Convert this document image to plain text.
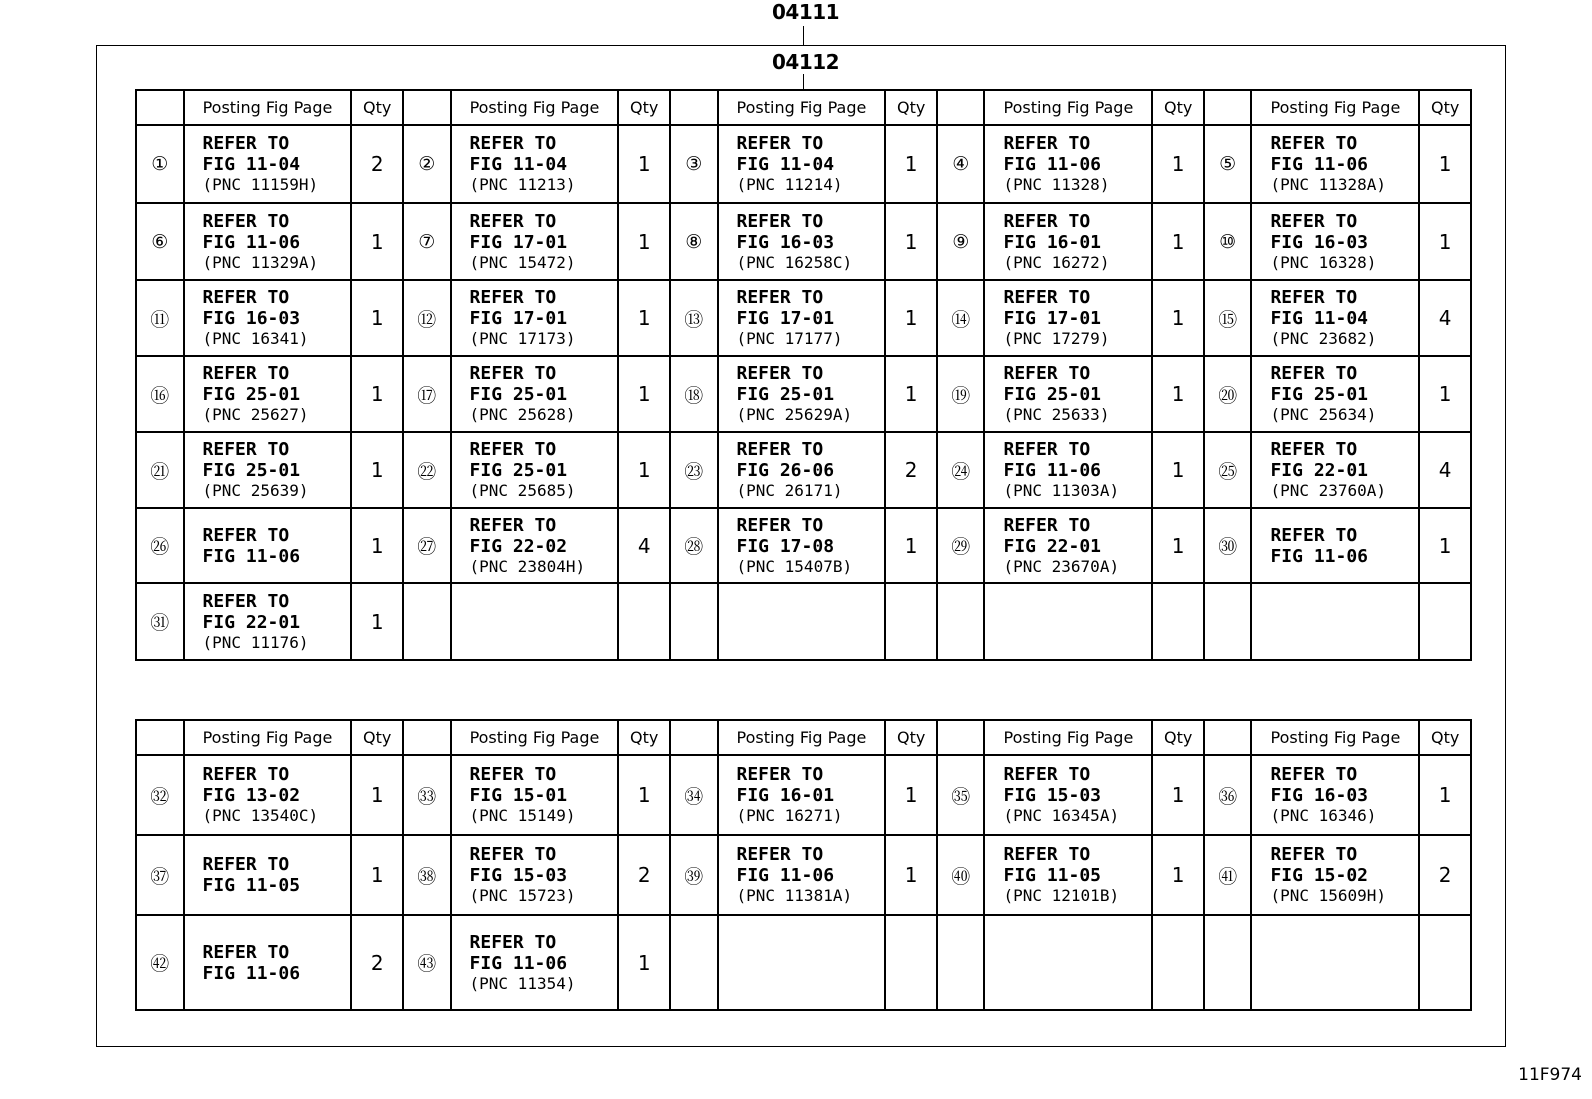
04111
04112
	Posting Fig Page	Qty		Posting Fig Page	Qty		Posting Fig Page	Qty		Posting Fig Page	Qty		Posting Fig Page	Qty
①	REFER TO
FIG 11-04
(PNC 11159H)	2	②	REFER TO
FIG 11-04
(PNC 11213)	1	③	REFER TO
FIG 11-04
(PNC 11214)	1	④	REFER TO
FIG 11-06
(PNC 11328)	1	⑤	REFER TO
FIG 11-06
(PNC 11328A)	1
⑥	REFER TO
FIG 11-06
(PNC 11329A)	1	⑦	REFER TO
FIG 17-01
(PNC 15472)	1	⑧	REFER TO
FIG 16-03
(PNC 16258C)	1	⑨	REFER TO
FIG 16-01
(PNC 16272)	1	⑩	REFER TO
FIG 16-03
(PNC 16328)	1
⑪	REFER TO
FIG 16-03
(PNC 16341)	1	⑫	REFER TO
FIG 17-01
(PNC 17173)	1	⑬	REFER TO
FIG 17-01
(PNC 17177)	1	⑭	REFER TO
FIG 17-01
(PNC 17279)	1	⑮	REFER TO
FIG 11-04
(PNC 23682)	4
⑯	REFER TO
FIG 25-01
(PNC 25627)	1	⑰	REFER TO
FIG 25-01
(PNC 25628)	1	⑱	REFER TO
FIG 25-01
(PNC 25629A)	1	⑲	REFER TO
FIG 25-01
(PNC 25633)	1	⑳	REFER TO
FIG 25-01
(PNC 25634)	1
㉑	REFER TO
FIG 25-01
(PNC 25639)	1	㉒	REFER TO
FIG 25-01
(PNC 25685)	1	㉓	REFER TO
FIG 26-06
(PNC 26171)	2	㉔	REFER TO
FIG 11-06
(PNC 11303A)	1	㉕	REFER TO
FIG 22-01
(PNC 23760A)	4
㉖	REFER TO
FIG 11-06	1	㉗	REFER TO
FIG 22-02
(PNC 23804H)	4	㉘	REFER TO
FIG 17-08
(PNC 15407B)	1	㉙	REFER TO
FIG 22-01
(PNC 23670A)	1	㉚	REFER TO
FIG 11-06	1
㉛	REFER TO
FIG 22-01
(PNC 11176)	1												
	Posting Fig Page	Qty		Posting Fig Page	Qty		Posting Fig Page	Qty		Posting Fig Page	Qty		Posting Fig Page	Qty
㉜	REFER TO
FIG 13-02
(PNC 13540C)	1	㉝	REFER TO
FIG 15-01
(PNC 15149)	1	㉞	REFER TO
FIG 16-01
(PNC 16271)	1	㉟	REFER TO
FIG 15-03
(PNC 16345A)	1	㊱	REFER TO
FIG 16-03
(PNC 16346)	1
㊲	REFER TO
FIG 11-05	1	㊳	REFER TO
FIG 15-03
(PNC 15723)	2	㊴	REFER TO
FIG 11-06
(PNC 11381A)	1	㊵	REFER TO
FIG 11-05
(PNC 12101B)	1	㊶	REFER TO
FIG 15-02
(PNC 15609H)	2
㊷	REFER TO
FIG 11-06	2	㊸	REFER TO
FIG 11-06
(PNC 11354)	1									
11F974
